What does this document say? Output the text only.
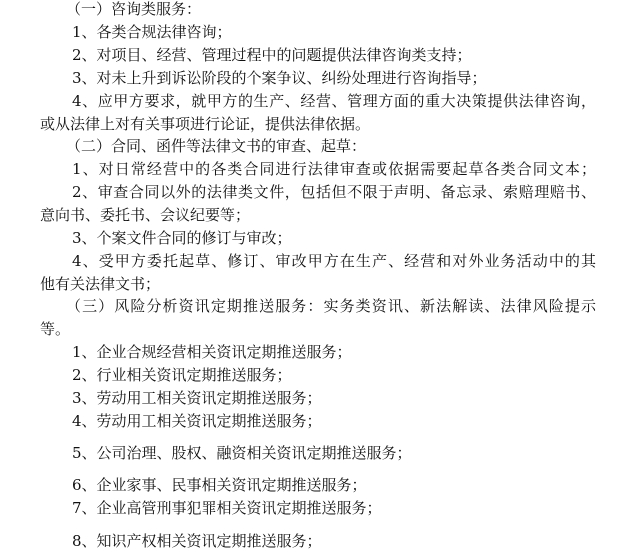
（一）咨询类服务：
1、各类合规法律咨询；
2、对项目、经营、管理过程中的问题提供法律咨询类支持；
3、对未上升到诉讼阶段的个案争议、纠纷处理进行咨询指导；
4、应甲方要求，就甲方的生产、经营、管理方面的重大决策提供法律咨询，
或从法律上对有关事项进行论证，提供法律依据。
（二）合同、函件等法律文书的审查、起草：
1、对日常经营中的各类合同进行法律审查或依据需要起草各类合同文本；
2、审查合同以外的法律类文件，包括但不限于声明、备忘录、索赔理赔书、
意向书、委托书、会议纪要等；
3、个案文件合同的修订与审改；
4、受甲方委托起草、修订、审改甲方在生产、经营和对外业务活动中的其
他有关法律文书；
（三）风险分析资讯定期推送服务：实务类资讯、新法解读、法律风险提示
等。
1、企业合规经营相关资讯定期推送服务；
2、行业相关资讯定期推送服务；
3、劳动用工相关资讯定期推送服务；
4、劳动用工相关资讯定期推送服务；
5、公司治理、股权、融资相关资讯定期推送服务；
6、企业家事、民事相关资讯定期推送服务；
7、企业高管刑事犯罪相关资讯定期推送服务；
8、知识产权相关资讯定期推送服务；
